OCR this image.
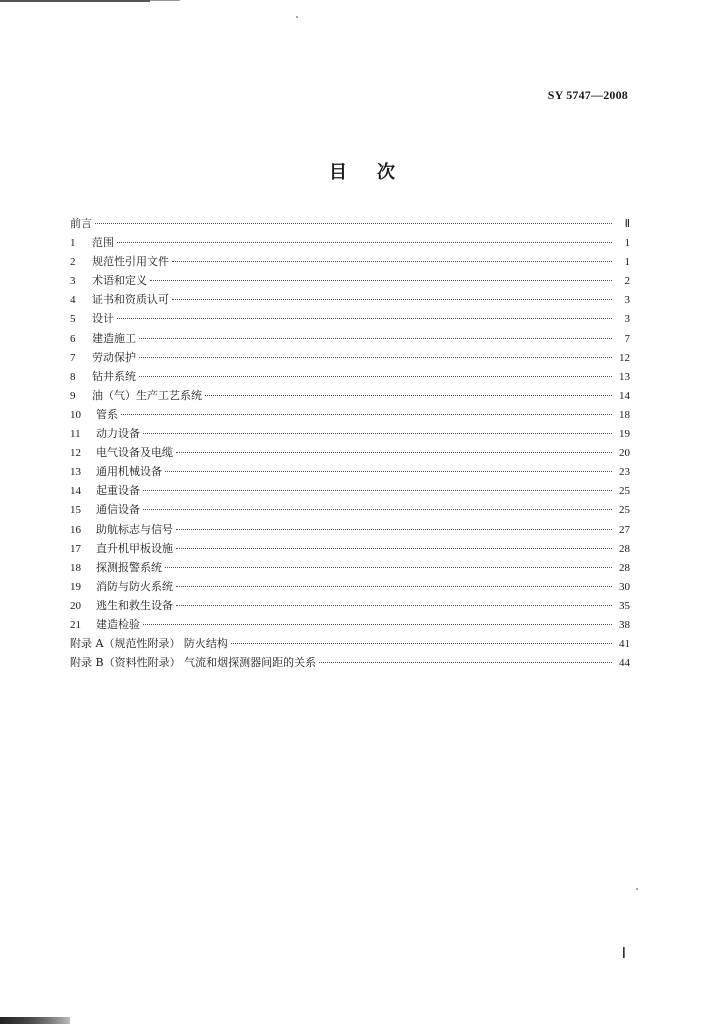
SY 5747—2008
目 次
前言	Ⅱ
1	范围	1
2	规范性引用文件	1
3	术语和定义	2
4	证书和资质认可	3
5	设计	3
6	建造施工	7
7	劳动保护	12
8	钻井系统	13
9	油（气）生产工艺系统	14
10	管系	18
11	动力设备	19
12	电气设备及电缆	20
13	通用机械设备	23
14	起重设备	25
15	通信设备	25
16	助航标志与信号	27
17	直升机甲板设施	28
18	探测报警系统	28
19	消防与防火系统	30
20	逃生和救生设备	35
21	建造检验	38
附录 A（规范性附录） 防火结构	41
附录 B（资料性附录） 气流和烟探测器间距的关系	44
Ⅰ
